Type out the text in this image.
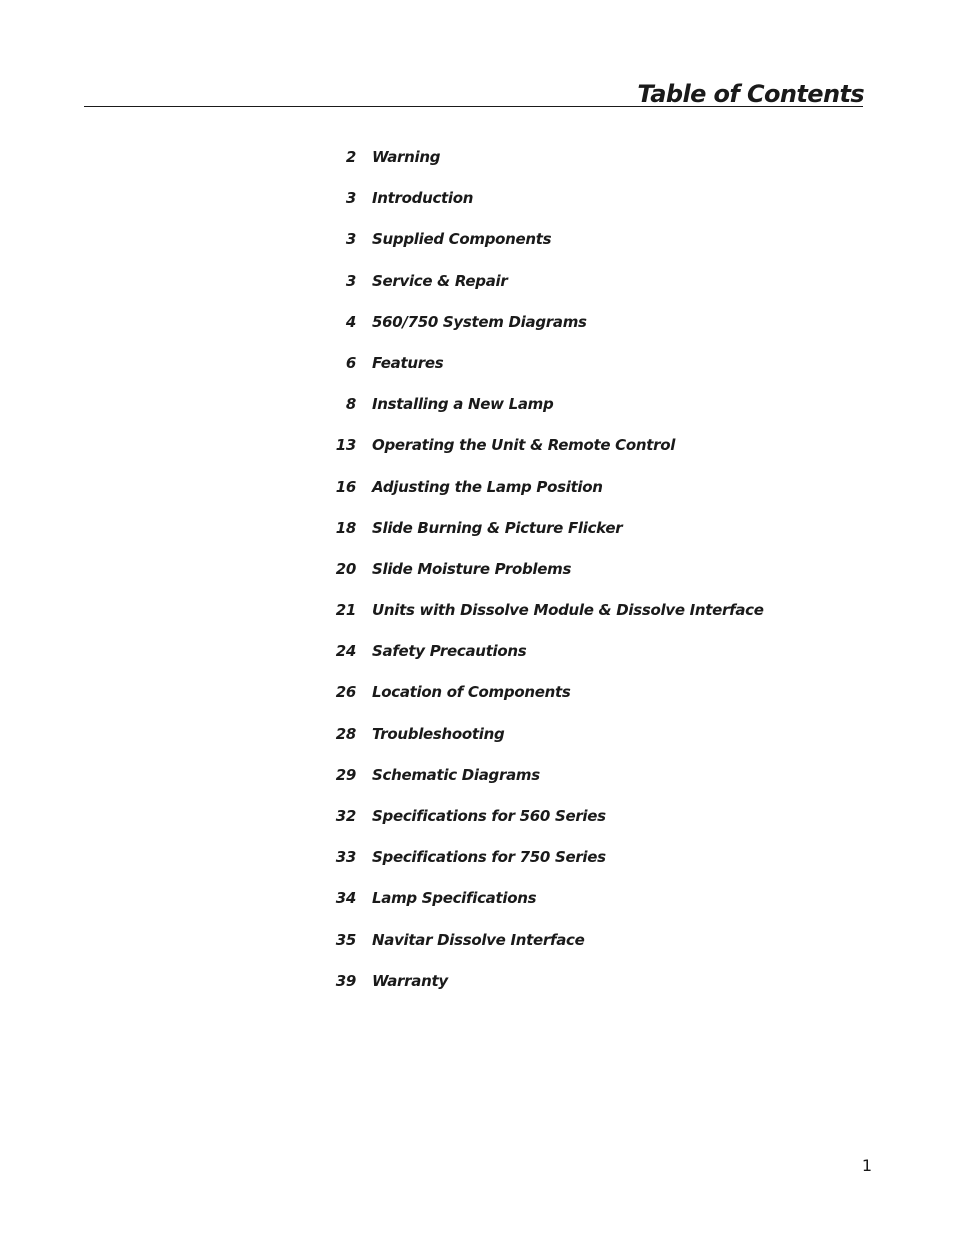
Table of Contents
2 Warning
3 Introduction
3 Supplied Components
3 Service & Repair
4 560/750 System Diagrams
6 Features
8 Installing a New Lamp
13 Operating the Unit & Remote Control
16 Adjusting the Lamp Position
18 Slide Burning & Picture Flicker
20 Slide Moisture Problems
21 Units with Dissolve Module & Dissolve Interface
24 Safety Precautions
26 Location of Components
28 Troubleshooting
29 Schematic Diagrams
32 Specifications for 560 Series
33 Specifications for 750 Series
34 Lamp Specifications
35 Navitar Dissolve Interface
39 Warranty
1
